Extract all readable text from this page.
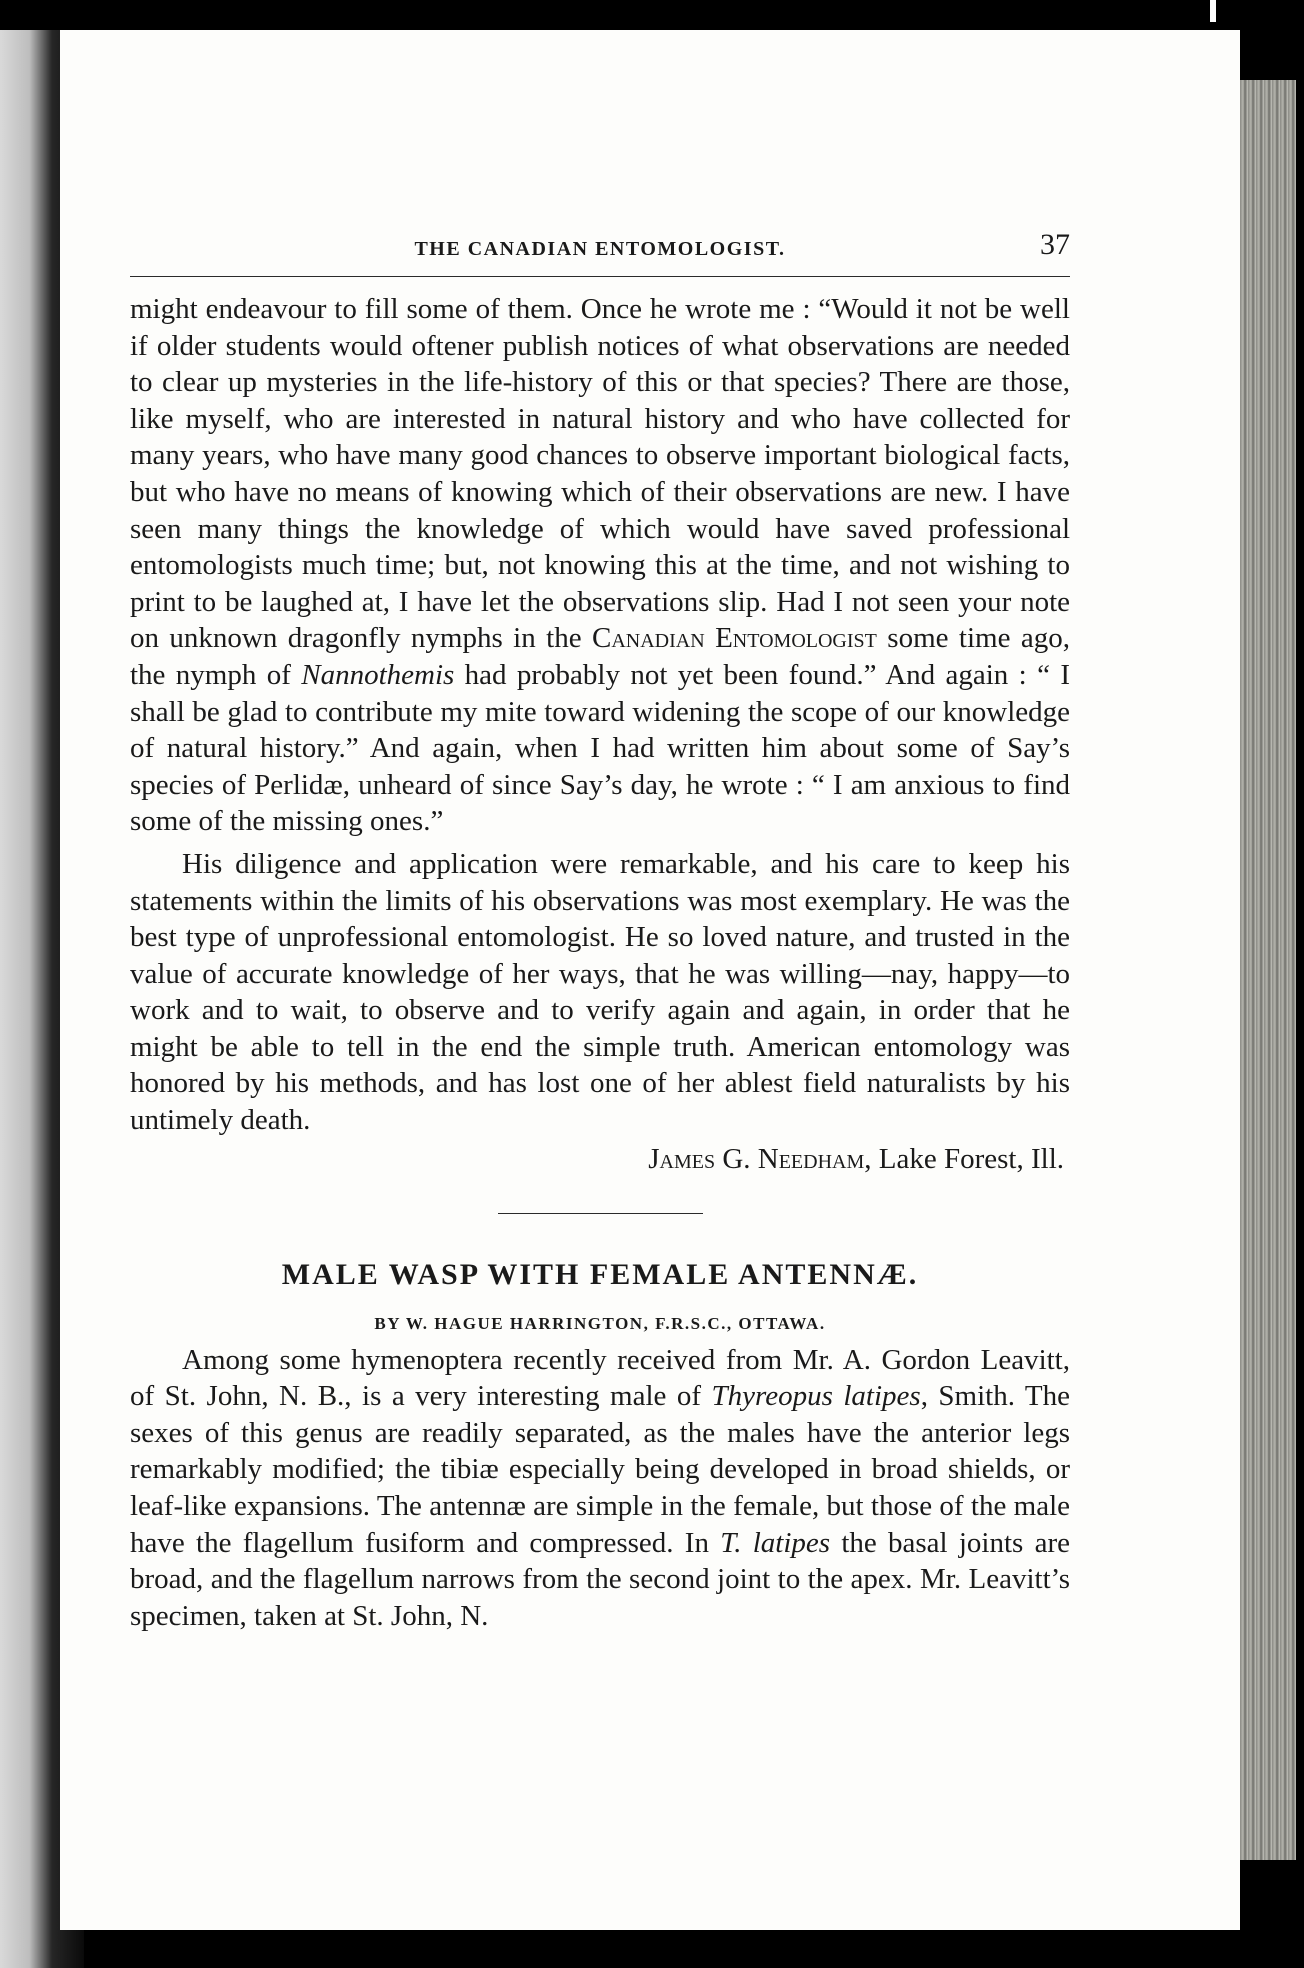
THE CANADIAN ENTOMOLOGIST.	37

might endeavour to fill some of them. Once he wrote me : “Would it not be well if older students would oftener publish notices of what observations are needed to clear up mysteries in the life-history of this or that species? There are those, like myself, who are interested in natural history and who have collected for many years, who have many good chances to observe important biological facts, but who have no means of knowing which of their observations are new. I have seen many things the knowledge of which would have saved professional entomologists much time; but, not knowing this at the time, and not wishing to print to be laughed at, I have let the observations slip. Had I not seen your note on unknown dragonfly nymphs in the Canadian Entomologist some time ago, the nymph of Nannothemis had probably not yet been found.” And again : “ I shall be glad to contribute my mite toward widening the scope of our knowledge of natural history.” And again, when I had written him about some of Say’s species of Perlidæ, unheard of since Say’s day, he wrote : “ I am anxious to find some of the missing ones.”

His diligence and application were remarkable, and his care to keep his statements within the limits of his observations was most exemplary. He was the best type of unprofessional entomologist. He so loved nature, and trusted in the value of accurate knowledge of her ways, that he was willing—nay, happy—to work and to wait, to observe and to verify again and again, in order that he might be able to tell in the end the simple truth. American entomology was honored by his methods, and has lost one of her ablest field naturalists by his untimely death.

James G. Needham, Lake Forest, Ill.

MALE WASP WITH FEMALE ANTENNÆ.
BY W. HAGUE HARRINGTON, F.R.S.C., OTTAWA.

Among some hymenoptera recently received from Mr. A. Gordon Leavitt, of St. John, N. B., is a very interesting male of Thyreopus latipes, Smith. The sexes of this genus are readily separated, as the males have the anterior legs remarkably modified; the tibiæ especially being developed in broad shields, or leaf-like expansions. The antennæ are simple in the female, but those of the male have the flagellum fusiform and compressed. In T. latipes the basal joints are broad, and the flagellum narrows from the second joint to the apex. Mr. Leavitt’s specimen, taken at St. John, N.
